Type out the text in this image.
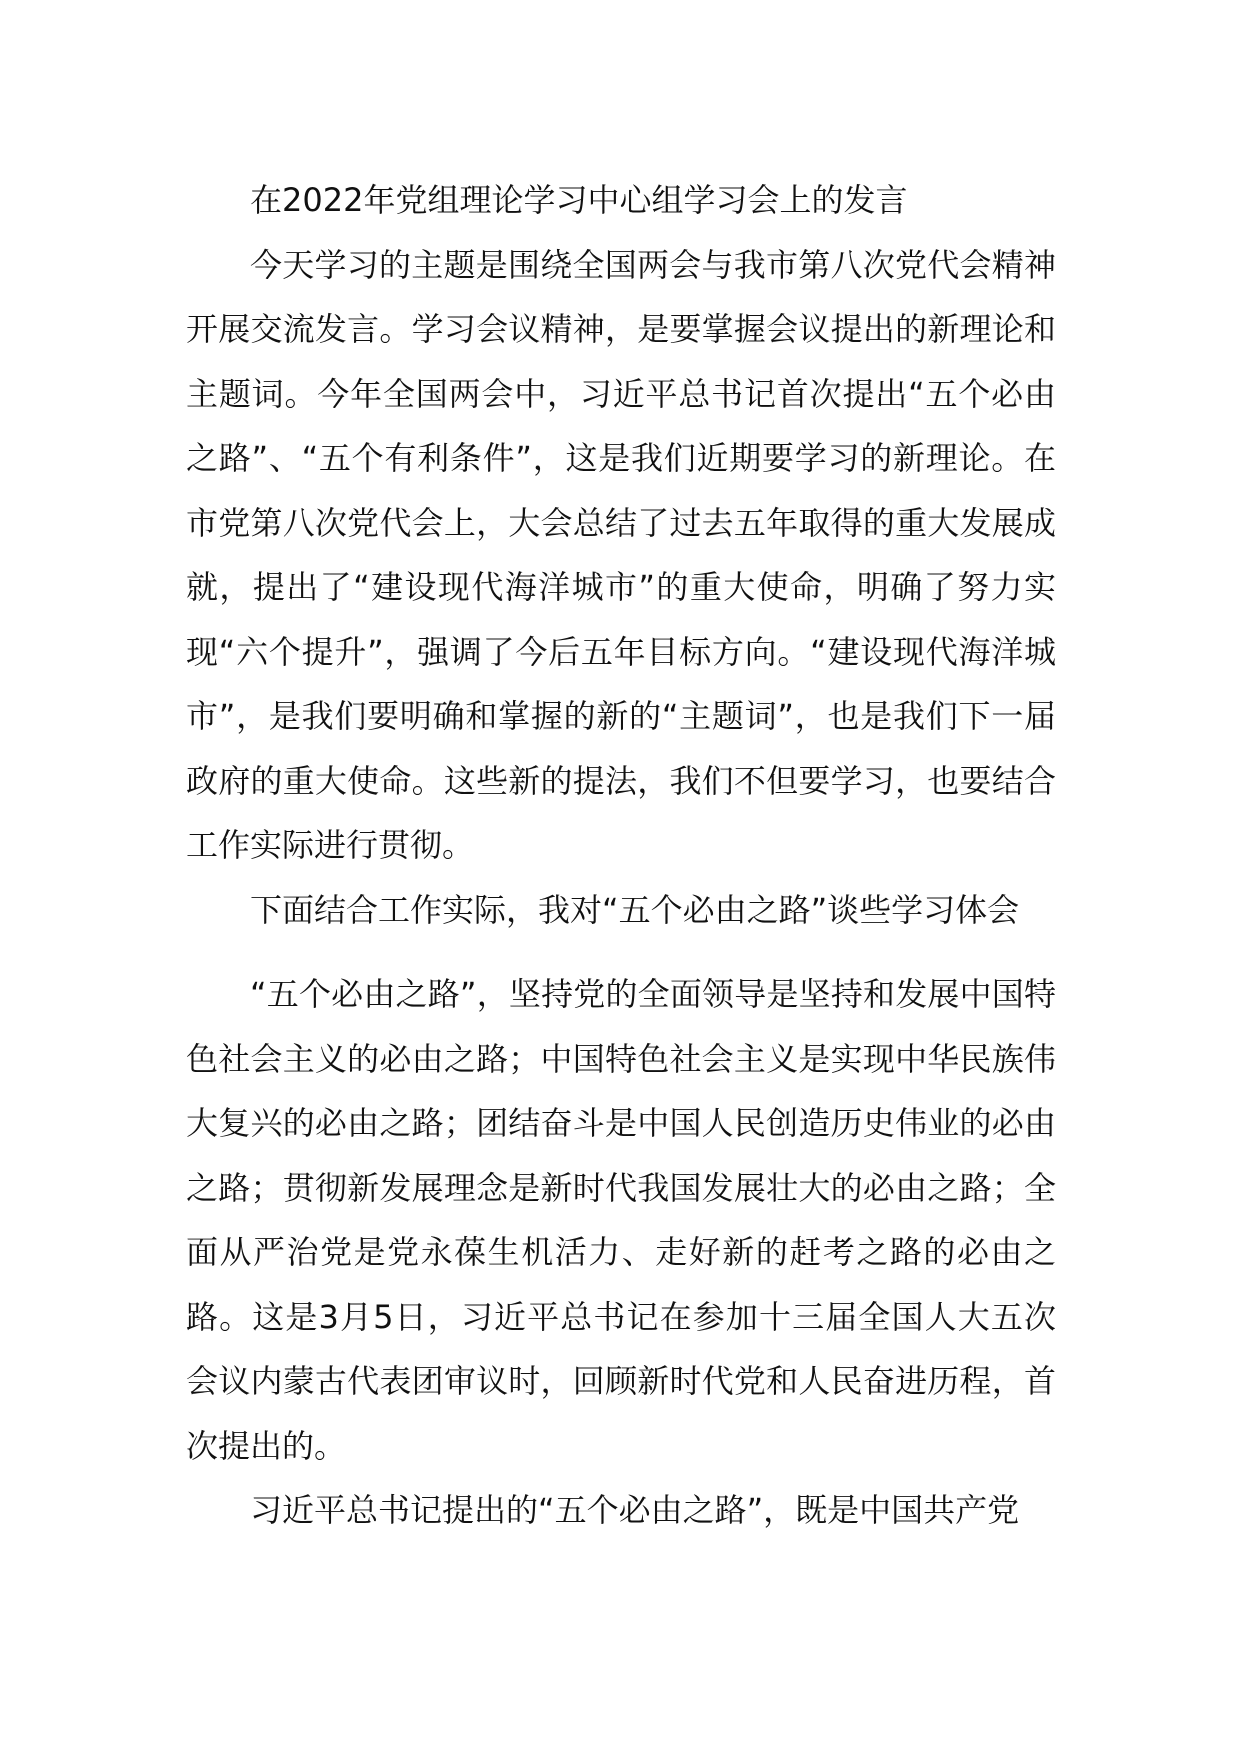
在2022年党组理论学习中心组学习会上的发言

今天学习的主题是围绕全国两会与我市第八次党代会精神开展交流发言。学习会议精神，是要掌握会议提出的新理论和主题词。今年全国两会中，习近平总书记首次提出“五个必由之路”、“五个有利条件”，这是我们近期要学习的新理论。在市党第八次党代会上，大会总结了过去五年取得的重大发展成就，提出了“建设现代海洋城市”的重大使命，明确了努力实现“六个提升”，强调了今后五年目标方向。“建设现代海洋城市”，是我们要明确和掌握的新的“主题词”，也是我们下一届政府的重大使命。这些新的提法，我们不但要学习，也要结合工作实际进行贯彻。

下面结合工作实际，我对“五个必由之路”谈些学习体会

“五个必由之路”，坚持党的全面领导是坚持和发展中国特色社会主义的必由之路；中国特色社会主义是实现中华民族伟大复兴的必由之路；团结奋斗是中国人民创造历史伟业的必由之路；贯彻新发展理念是新时代我国发展壮大的必由之路；全面从严治党是党永葆生机活力、走好新的赶考之路的必由之路。这是3月5日，习近平总书记在参加十三届全国人大五次会议内蒙古代表团审议时，回顾新时代党和人民奋进历程，首次提出的。

习近平总书记提出的“五个必由之路”，既是中国共产党
